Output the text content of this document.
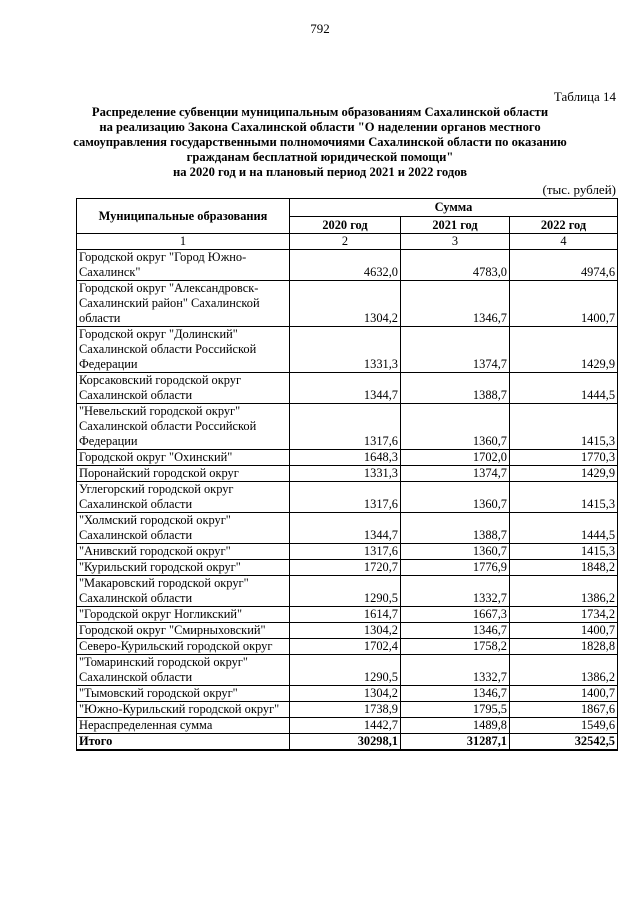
792
Таблица 14
Распределение субвенции муниципальным образованиям Сахалинской области
на реализацию Закона Сахалинской области "О наделении органов местного
самоуправления государственными полномочиями Сахалинской области по оказанию
гражданам бесплатной юридической помощи"
на 2020 год и на плановый период 2021 и 2022 годов
(тыс. рублей)
Муниципальные образования	Сумма		
	2020 год	2021 год	2022 год
1	2	3	4
Городской округ "Город Южно-Сахалинск"	4632,0	4783,0	4974,6
Городской округ "Александровск-Сахалинский район" Сахалинской области	1304,2	1346,7	1400,7
Городской округ "Долинский" Сахалинской области Российской Федерации	1331,3	1374,7	1429,9
Корсаковский городской округ Сахалинской области	1344,7	1388,7	1444,5
"Невельский городской округ" Сахалинской области Российской Федерации	1317,6	1360,7	1415,3
Городской округ "Охинский"	1648,3	1702,0	1770,3
Поронайский городской округ	1331,3	1374,7	1429,9
Углегорский городской округ Сахалинской области	1317,6	1360,7	1415,3
"Холмский городской округ" Сахалинской области	1344,7	1388,7	1444,5
"Анивский городской округ"	1317,6	1360,7	1415,3
"Курильский городской округ"	1720,7	1776,9	1848,2
"Макаровский городской округ" Сахалинской области	1290,5	1332,7	1386,2
"Городской округ Ногликский"	1614,7	1667,3	1734,2
Городской округ "Смирныховский"	1304,2	1346,7	1400,7
Северо-Курильский городской округ	1702,4	1758,2	1828,8
"Томаринский городской округ" Сахалинской области	1290,5	1332,7	1386,2
"Тымовский городской округ"	1304,2	1346,7	1400,7
"Южно-Курильский городской округ"	1738,9	1795,5	1867,6
Нераспределенная сумма	1442,7	1489,8	1549,6
Итого	30298,1	31287,1	32542,5
